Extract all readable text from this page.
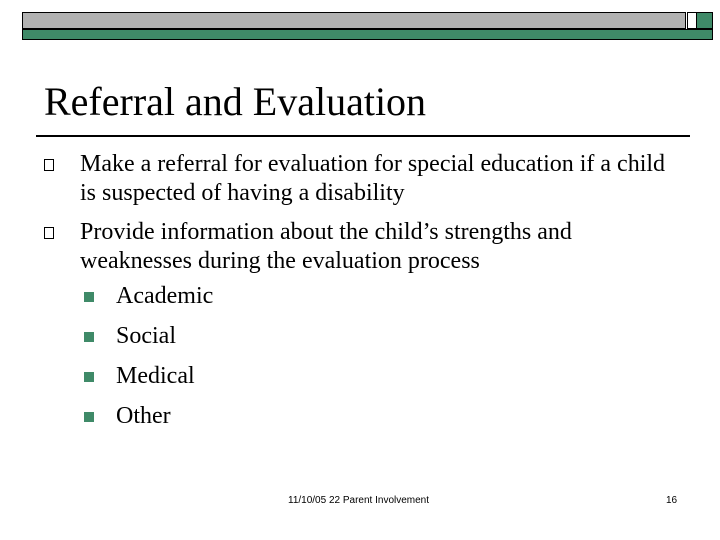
Referral and Evaluation
Make a referral for evaluation for special education if a child is suspected of having a disability
Provide information about the child’s strengths and weaknesses during the evaluation process
Academic
Social
Medical
Other
11/10/05 22 Parent Involvement	16
